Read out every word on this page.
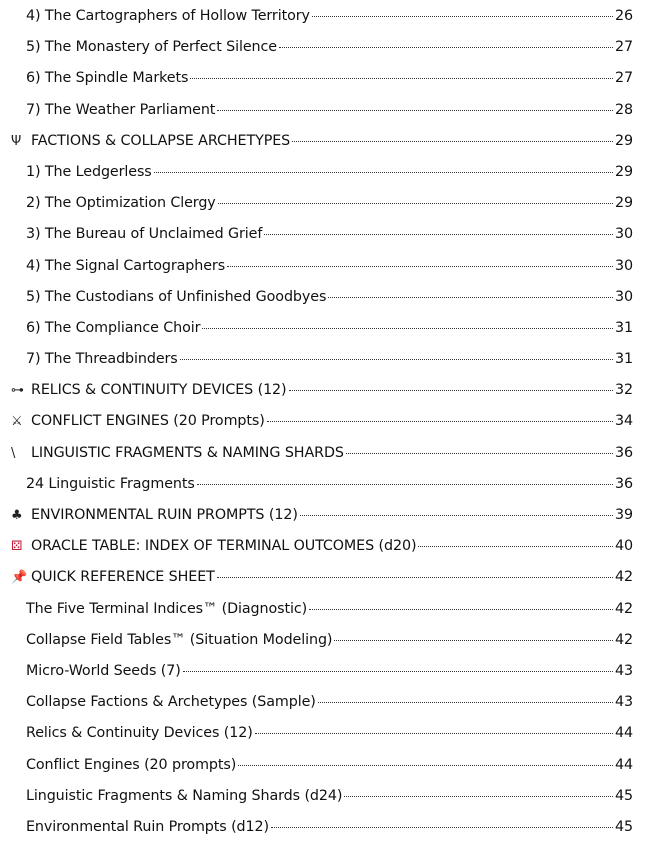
4) The Cartographers of Hollow Territory	26
5) The Monastery of Perfect Silence	27
6) The Spindle Markets	27
7) The Weather Parliament	28
Ψ FACTIONS & COLLAPSE ARCHETYPES	29
1) The Ledgerless	29
2) The Optimization Clergy	29
3) The Bureau of Unclaimed Grief	30
4) The Signal Cartographers	30
5) The Custodians of Unfinished Goodbyes	30
6) The Compliance Choir	31
7) The Threadbinders	31
⊶ RELICS & CONTINUITY DEVICES (12)	32
⚔ CONFLICT ENGINES (20 Prompts)	34
\	LINGUISTIC FRAGMENTS & NAMING SHARDS	36
24 Linguistic Fragments	36
♣ ENVIRONMENTAL RUIN PROMPTS (12)	39
⚄ ORACLE TABLE: INDEX OF TERMINAL OUTCOMES (d20)	40
📌 QUICK REFERENCE SHEET	42
The Five Terminal Indices™ (Diagnostic)	42
Collapse Field Tables™ (Situation Modeling)	42
Micro-World Seeds (7)	43
Collapse Factions & Archetypes (Sample)	43
Relics & Continuity Devices (12)	44
Conflict Engines (20 prompts)	44
Linguistic Fragments & Naming Shards (d24)	45
Environmental Ruin Prompts (d12)	45
